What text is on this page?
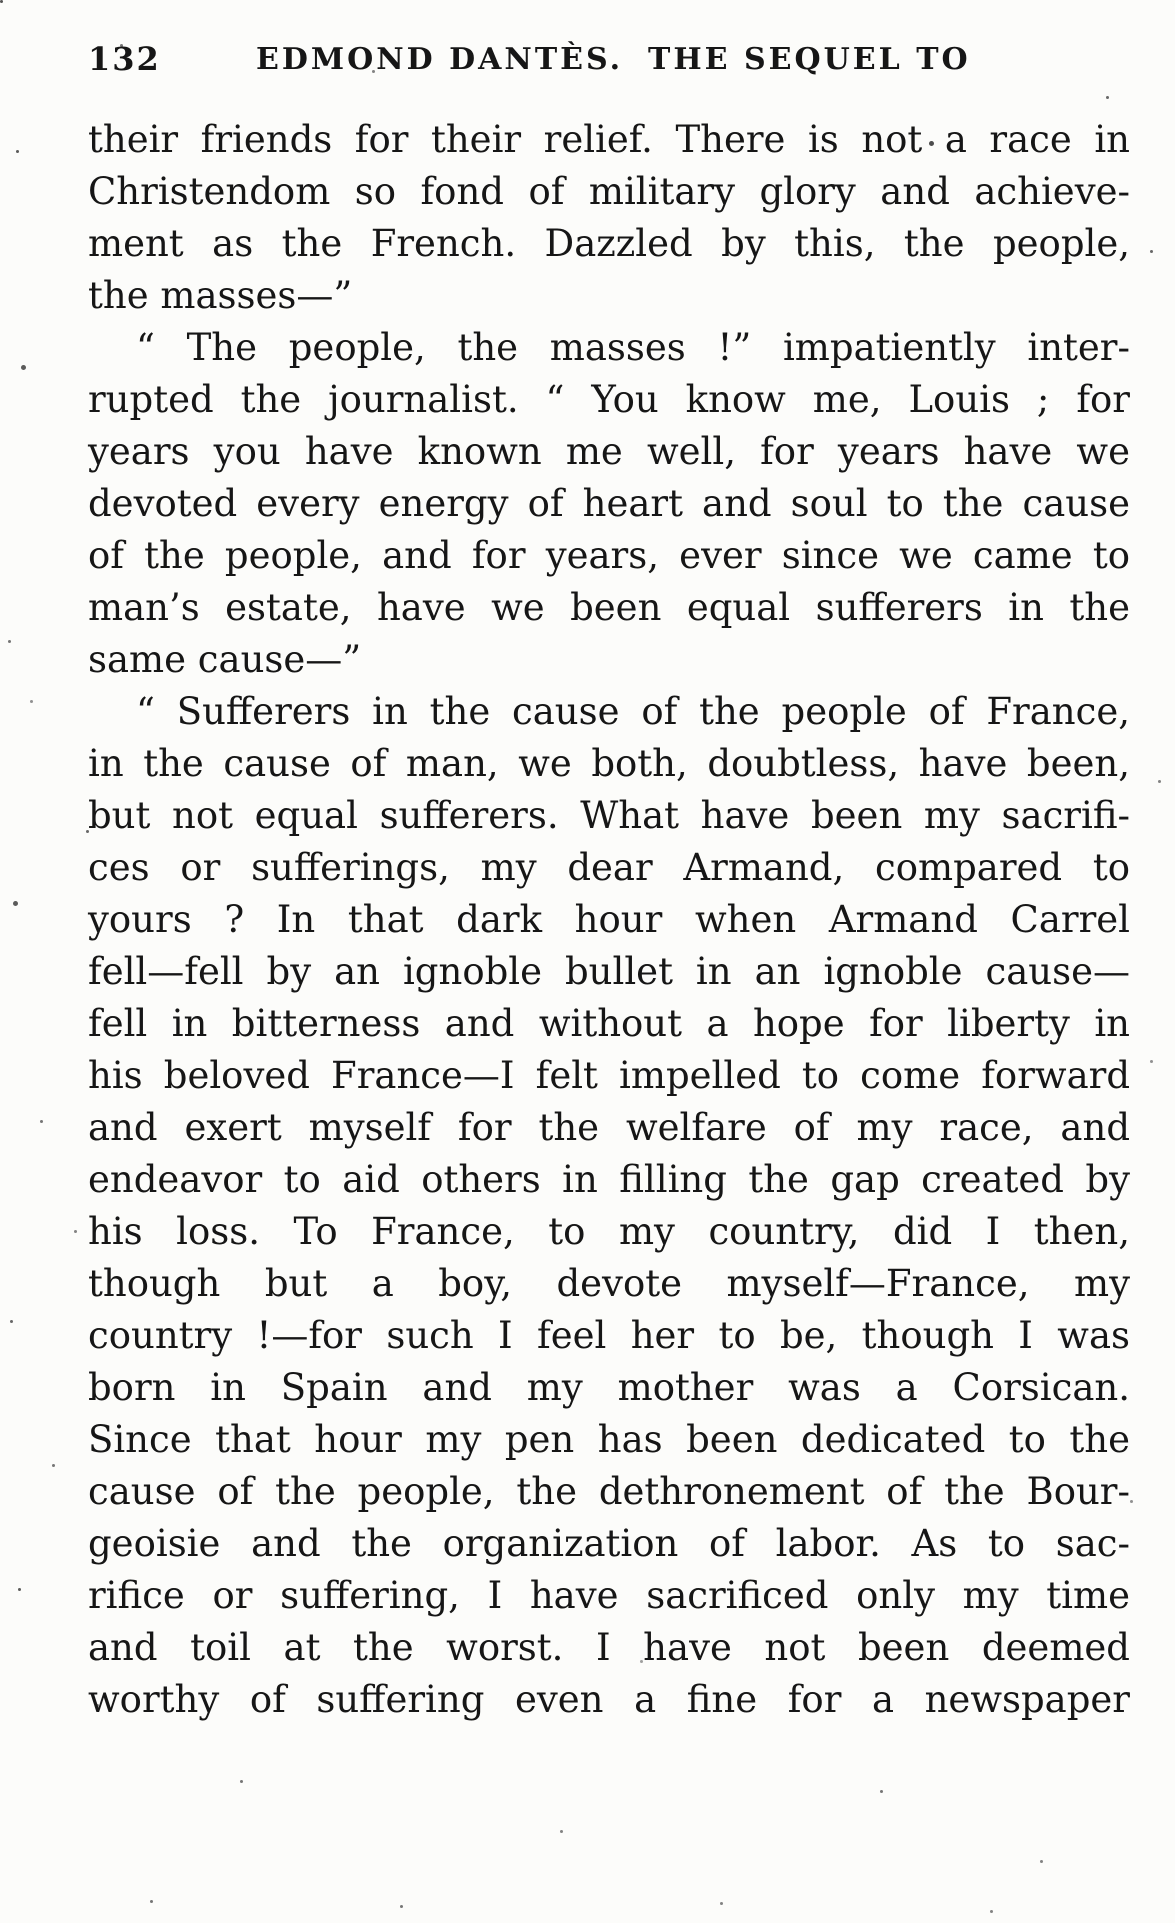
132	EDMOND DANTÈS. THE SEQUEL TO
their friends for their relief. There is not a race in
Christendom so fond of military glory and achieve-
ment as the French. Dazzled by this, the people,
the masses—”
“ The people, the masses !” impatiently inter-
rupted the journalist. “ You know me, Louis ; for
years you have known me well, for years have we
devoted every energy of heart and soul to the cause
of the people, and for years, ever since we came to
man’s estate, have we been equal sufferers in the
same cause—”
“ Sufferers in the cause of the people of France,
in the cause of man, we both, doubtless, have been,
but not equal sufferers. What have been my sacrifi-
ces or sufferings, my dear Armand, compared to
yours ? In that dark hour when Armand Carrel
fell—fell by an ignoble bullet in an ignoble cause—
fell in bitterness and without a hope for liberty in
his beloved France—I felt impelled to come forward
and exert myself for the welfare of my race, and
endeavor to aid others in filling the gap created by
his loss. To France, to my country, did I then,
though but a boy, devote myself—France, my
country !—for such I feel her to be, though I was
born in Spain and my mother was a Corsican.
Since that hour my pen has been dedicated to the
cause of the people, the dethronement of the Bour-
geoisie and the organization of labor. As to sac-
rifice or suffering, I have sacrificed only my time
and toil at the worst. I have not been deemed
worthy of suffering even a fine for a newspaper
